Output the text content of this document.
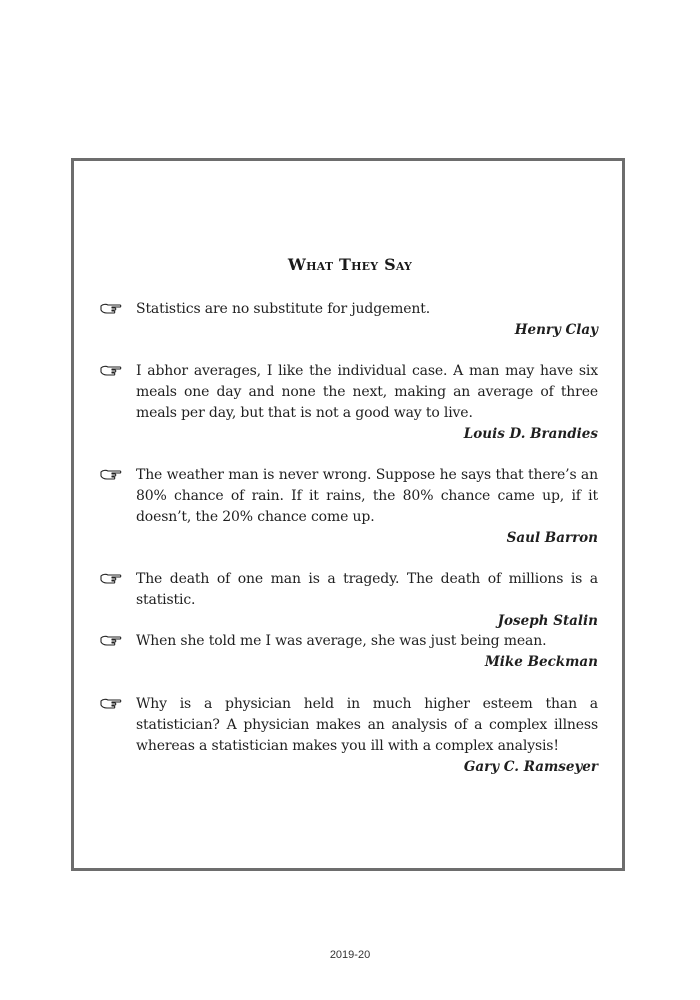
What They Say
Statistics are no substitute for judgement.
Henry Clay
I abhor averages, I like the individual case. A man may have six meals one day and none the next, making an average of three meals per day, but that is not a good way to live.
Louis D. Brandies
The weather man is never wrong. Suppose he says that there’s an 80% chance of rain. If it rains, the 80% chance came up, if it doesn’t, the 20% chance come up.
Saul Barron
The death of one man is a tragedy. The death of millions is a statistic.
Joseph Stalin
When she told me I was average, she was just being mean.
Mike Beckman
Why is a physician held in much higher esteem than a statistician? A physician makes an analysis of a complex illness whereas a statistician makes you ill with a complex analysis!
Gary C. Ramseyer
2019-20
